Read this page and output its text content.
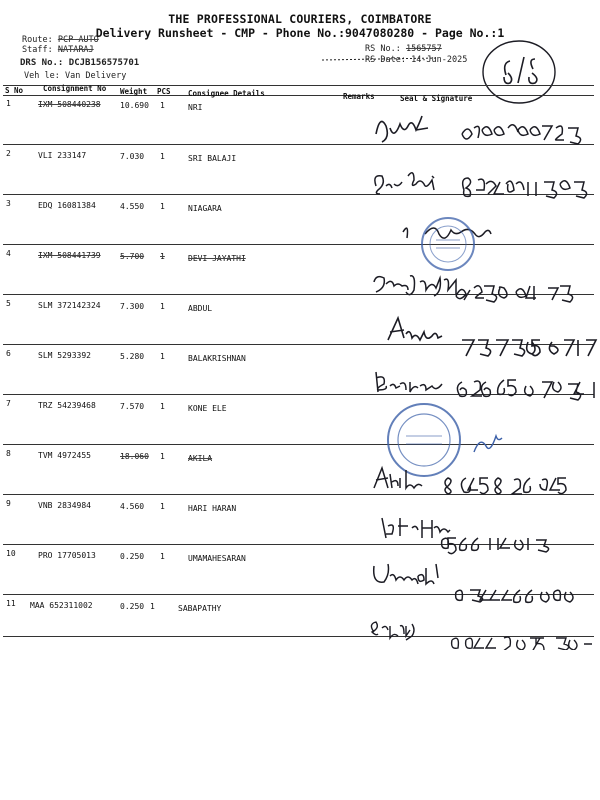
THE PROFESSIONAL COURIERS, COIMBATORE
Delivery Runsheet - CMP - Phone No.:9047080280 - Page No.:1
Route: PCP AUTO
Staff: NATARAJ
DRS No.: DCJB156575701
Veh le: Van Delivery
RS No.: 1565757
RS Date: 14-Jun-2025
S No	Consignment No Weight PCS Consignee Details	Remarks	Seal & Signature
1	IXM 508440238 10.690 1	NRI
2	VLI 233147	7.030 1	SRI BALAJI
3	EDQ 16081384	4.550 1	NIAGARA
4	IXM 508441739 5.700 1	DEVI JAYATHI
5	SLM 372142324 7.300 1	ABDUL
6	SLM 5293392	5.280 1	BALAKRISHNAN
7	TRZ 54239468	7.570 1	KONE ELE
8	TVM 4972455	18.060 1	AKILA
9	VNB 2834984	4.560 1	HARI HARAN
10	PRO 17705013	0.250 1	UMAMAHESARAN
11 MAA 652311002	0.250 1	SABAPATHY
